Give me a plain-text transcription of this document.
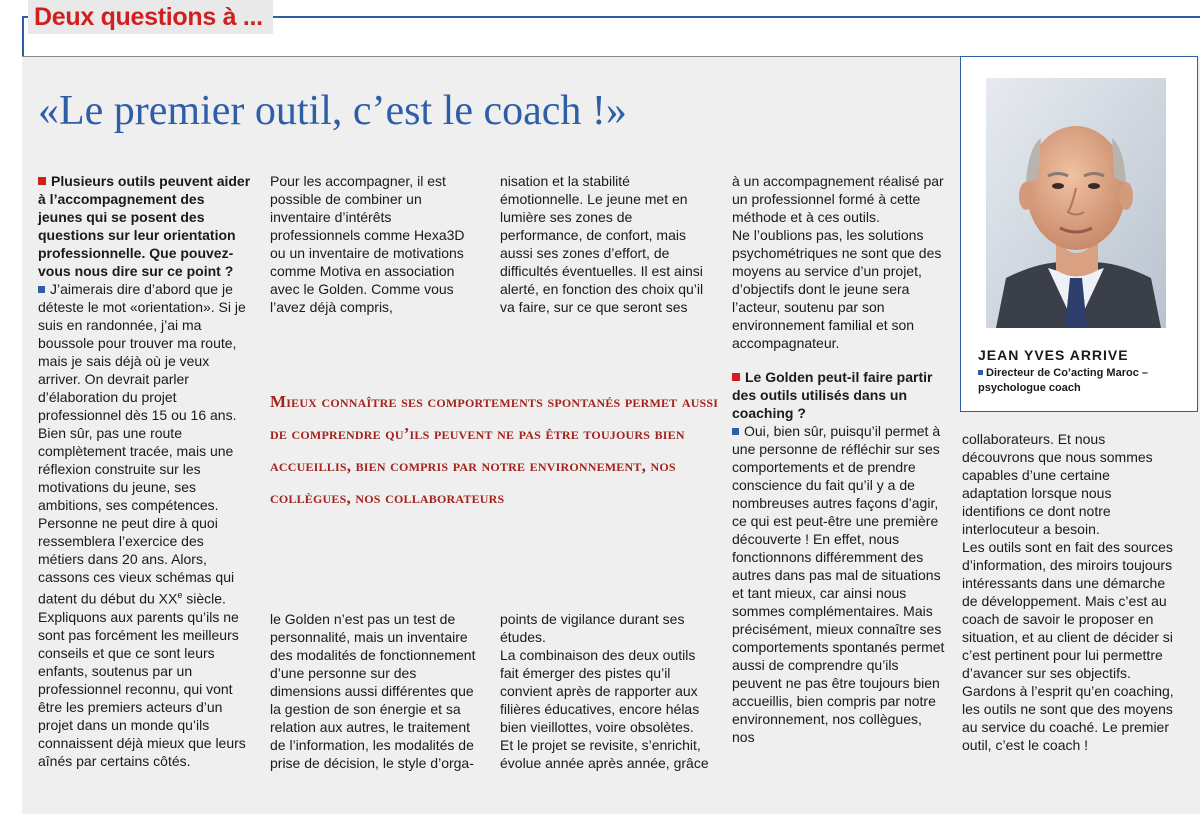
Deux questions à ...
«Le premier outil, c’est le coach !»
Plusieurs outils peuvent aider à l’accompagnement des jeunes qui se posent des questions sur leur orientation professionnelle. Que pouvez-vous nous dire sur ce point ?
J’aimerais dire d’abord que je déteste le mot «orientation». Si je suis en randonnée, j’ai ma boussole pour trouver ma route, mais je sais déjà où je veux arriver. On devrait parler d’élaboration du projet professionnel dès 15 ou 16 ans. Bien sûr, pas une route complètement tracée, mais une réflexion construite sur les motivations du jeune, ses ambitions, ses compétences.
Personne ne peut dire à quoi ressemblera l’exercice des métiers dans 20 ans. Alors, cassons ces vieux schémas qui datent du début du XXe siècle. Expliquons aux parents qu’ils ne sont pas forcément les meilleurs conseils et que ce sont leurs enfants, soutenus par un professionnel reconnu, qui vont être les premiers acteurs d’un projet dans un monde qu’ils connaissent déjà mieux que leurs aînés par certains côtés.
Pour les accompagner, il est possible de combiner un inventaire d’intérêts professionnels comme Hexa3D ou un inventaire de motivations comme Motiva en association avec le Golden. Comme vous l’avez déjà compris,
nisation et la stabilité émotionnelle. Le jeune met en lumière ses zones de performance, de confort, mais aussi ses zones d’effort, de difficultés éventuelles. Il est ainsi alerté, en fonction des choix qu’il va faire, sur ce que seront ses
Mieux connaître ses comportements spontanés permet aussi de comprendre qu’ils peuvent ne pas être toujours bien accueillis, bien compris par notre environnement, nos collègues, nos collaborateurs
le Golden n’est pas un test de personnalité, mais un inventaire des modalités de fonctionnement d’une personne sur des dimensions aussi différentes que la gestion de son énergie et sa relation aux autres, le traitement de l’information, les modalités de prise de décision, le style d’orga-
points de vigilance durant ses études.
La combinaison des deux outils fait émerger des pistes qu’il convient après de rapporter aux filières éducatives, encore hélas bien vieillottes, voire obsolètes.
Et le projet se revisite, s’enrichit, évolue année après année, grâce
à un accompagnement réalisé par un professionnel formé à cette méthode et à ces outils.
Ne l’oublions pas, les solutions psychométriques ne sont que des moyens au service d’un projet, d’objectifs dont le jeune sera l’acteur, soutenu par son environnement familial et son accompagnateur.
Le Golden peut-il faire partir des outils utilisés dans un coaching ?
Oui, bien sûr, puisqu’il permet à une personne de réfléchir sur ses comportements et de prendre conscience du fait qu’il y a de nombreuses autres façons d’agir, ce qui est peut-être une première découverte ! En effet, nous fonctionnons différemment des autres dans pas mal de situations et tant mieux, car ainsi nous sommes complémentaires. Mais précisément, mieux connaître ses comportements spontanés permet aussi de comprendre qu’ils peuvent ne pas être toujours bien accueillis, bien compris par notre environnement, nos collègues, nos
JEAN YVES ARRIVE
Directeur de Co’acting Maroc – psychologue coach
collaborateurs. Et nous découvrons que nous sommes capables d’une certaine adaptation lorsque nous identifions ce dont notre interlocuteur a besoin.
Les outils sont en fait des sources d’information, des miroirs toujours intéressants dans une démarche de développement. Mais c’est au coach de savoir le proposer en situation, et au client de décider si c’est pertinent pour lui permettre d’avancer sur ses objectifs. Gardons à l’esprit qu’en coaching, les outils ne sont que des moyens au service du coaché. Le premier outil, c’est le coach !
